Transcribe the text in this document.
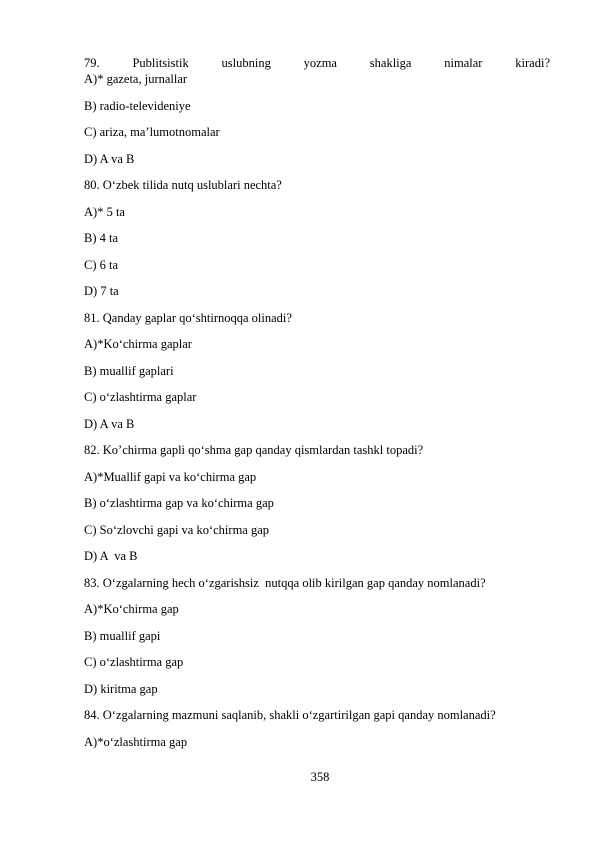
79.	Publitsistik	uslubning	yozma	shakliga	nimalar	kiradi?
A)* gazeta, jurnallar
B) radio-televideniye
C) ariza, ma’lumotnomalar
D) A va B
80. O‘zbek tilida nutq uslublari nechta?
A)* 5 ta
B) 4 ta
C) 6 ta
D) 7 ta
81. Qanday gaplar qo‘shtirnoqqa olinadi?
A)*Ko‘chirma gaplar
B) muallif gaplari
C) o‘zlashtirma gaplar
D) A va B
82. Ko’chirma gapli qo‘shma gap qanday qismlardan tashkl topadi?
A)*Muallif gapi va ko‘chirma gap
B) o‘zlashtirma gap va ko‘chirma gap
C) So‘zlovchi gapi va ko‘chirma gap
D) A  va B
83. O‘zgalarning hech o‘zgarishsiz  nutqqa olib kirilgan gap qanday nomlanadi?
A)*Ko‘chirma gap
B) muallif gapi
C) o‘zlashtirma gap
D) kiritma gap
84. O‘zgalarning mazmuni saqlanib, shakli o‘zgartirilgan gapi qanday nomlanadi?
A)*o‘zlashtirma gap
358
